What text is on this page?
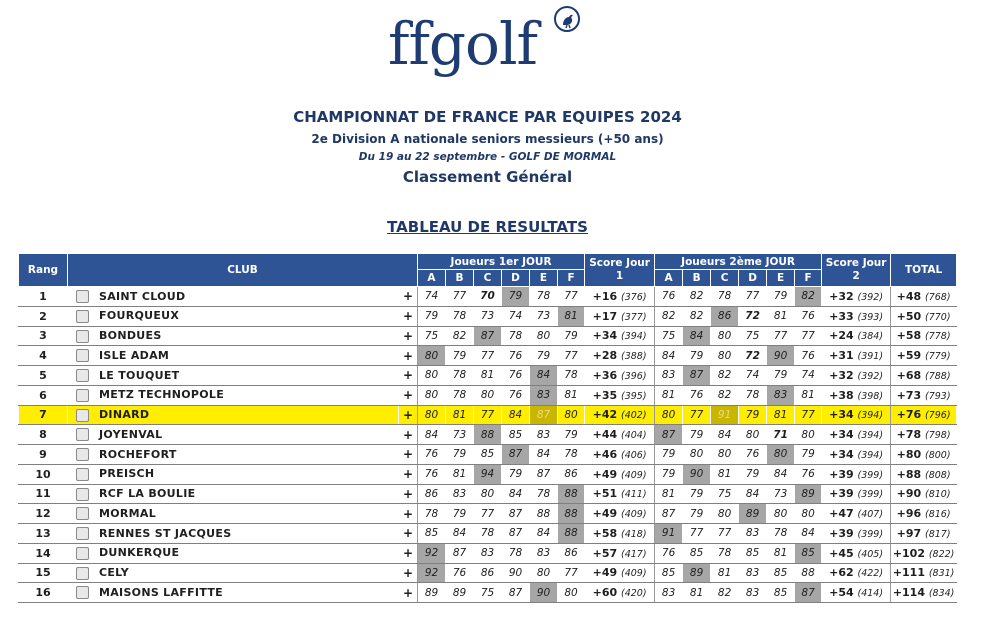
ffgolf
CHAMPIONNAT DE FRANCE PAR EQUIPES 2024
2e Division A nationale seniors messieurs (+50 ans)
Du 19 au 22 septembre - GOLF DE MORMAL
Classement Général
TABLEAU DE RESULTATS
Rang	CLUB		Joueurs 1er JOUR						Score Jour 1	Joueurs 2ème JOUR						Score Jour 2	TOTAL
			A	B	C	D	E	F		A	B	C	D	E	F		
1	SAINT CLOUD	+	74	77	70	79	78	77	+16 (376)	76	82	78	77	79	82	+32 (392)	+48 (768)
2	FOURQUEUX	+	79	78	73	74	73	81	+17 (377)	82	82	86	72	81	76	+33 (393)	+50 (770)
3	BONDUES	+	75	82	87	78	80	79	+34 (394)	75	84	80	75	77	77	+24 (384)	+58 (778)
4	ISLE ADAM	+	80	79	77	76	79	77	+28 (388)	84	79	80	72	90	76	+31 (391)	+59 (779)
5	LE TOUQUET	+	80	78	81	76	84	78	+36 (396)	83	87	82	74	79	74	+32 (392)	+68 (788)
6	METZ TECHNOPOLE	+	80	78	80	76	83	81	+35 (395)	81	76	82	78	83	81	+38 (398)	+73 (793)
7	DINARD	+	80	81	77	84	87	80	+42 (402)	80	77	91	79	81	77	+34 (394)	+76 (796)
8	JOYENVAL	+	84	73	88	85	83	79	+44 (404)	87	79	84	80	71	80	+34 (394)	+78 (798)
9	ROCHEFORT	+	76	79	85	87	84	78	+46 (406)	79	80	80	76	80	79	+34 (394)	+80 (800)
10	PREISCH	+	76	81	94	79	87	86	+49 (409)	79	90	81	79	84	76	+39 (399)	+88 (808)
11	RCF LA BOULIE	+	86	83	80	84	78	88	+51 (411)	81	79	75	84	73	89	+39 (399)	+90 (810)
12	MORMAL	+	78	79	77	87	88	88	+49 (409)	87	79	80	89	80	80	+47 (407)	+96 (816)
13	RENNES ST JACQUES	+	85	84	78	87	84	88	+58 (418)	91	77	77	83	78	84	+39 (399)	+97 (817)
14	DUNKERQUE	+	92	87	83	78	83	86	+57 (417)	76	85	78	85	81	85	+45 (405)	+102 (822)
15	CELY	+	92	76	86	90	80	77	+49 (409)	85	89	81	83	85	88	+62 (422)	+111 (831)
16	MAISONS LAFFITTE	+	89	89	75	87	90	80	+60 (420)	83	81	82	83	85	87	+54 (414)	+114 (834)
